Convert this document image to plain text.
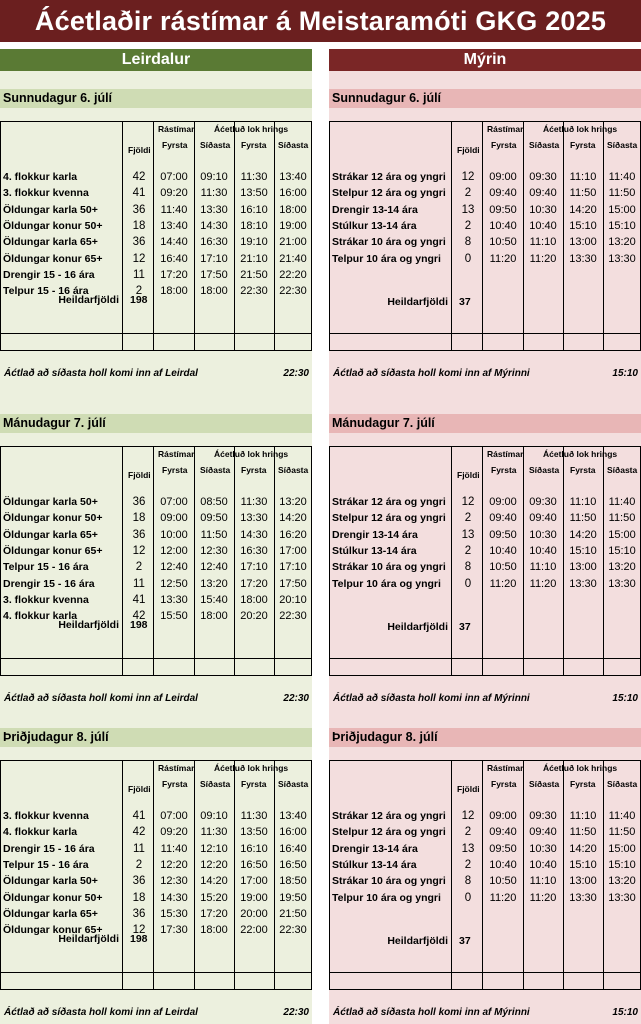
Áćetlaðir rástímar á Meistaramóti GKG 2025
Leirdalur
Sunnudagur 6. júlí
Rástímar Áćetluð lok hrings
Fjöldi Fyrsta Síðasta Fyrsta Síðasta
4. flokkur karla	42	07:00	09:10	11:30	13:40
3. flokkur kvenna	41	09:20	11:30	13:50	16:00
Öldungar karla 50+	36	11:40	13:30	16:10	18:00
Öldungar konur 50+	18	13:40	14:30	18:10	19:00
Öldungar karla 65+	36	14:40	16:30	19:10	21:00
Öldungar konur 65+	12	16:40	17:10	21:10	21:40
Drengir 15 - 16 ára	11	17:20	17:50	21:50	22:20
Telpur 15 - 16 ára	2	18:00	18:00	22:30	22:30
Heildarfjöldi 198
Áćtlað að síðasta holl komi inn af Leirdal	22:30
Mánudagur 7. júlí
Rástímar Áćetluð lok hrings
Fjöldi Fyrsta Síðasta Fyrsta Síðasta
Öldungar karla 50+	36	07:00	08:50	11:30	13:20
Öldungar konur 50+	18	09:00	09:50	13:30	14:20
Öldungar karla 65+	36	10:00	11:50	14:30	16:20
Öldungar konur 65+	12	12:00	12:30	16:30	17:00
Telpur 15 - 16 ára	2	12:40	12:40	17:10	17:10
Drengir 15 - 16 ára	11	12:50	13:20	17:20	17:50
3. flokkur kvenna	41	13:30	15:40	18:00	20:10
4. flokkur karla	42	15:50	18:00	20:20	22:30
Heildarfjöldi 198
Áćtlað að síðasta holl komi inn af Leirdal	22:30
Þriðjudagur 8. júlí
Rástímar Áćetluð lok hrings
Fjöldi Fyrsta Síðasta Fyrsta Síðasta
3. flokkur kvenna	41	07:00	09:10	11:30	13:40
4. flokkur karla	42	09:20	11:30	13:50	16:00
Drengir 15 - 16 ára	11	11:40	12:10	16:10	16:40
Telpur 15 - 16 ára	2	12:20	12:20	16:50	16:50
Öldungar karla 50+	36	12:30	14:20	17:00	18:50
Öldungar konur 50+	18	14:30	15:20	19:00	19:50
Öldungar karla 65+	36	15:30	17:20	20:00	21:50
Öldungar konur 65+	12	17:30	18:00	22:00	22:30
Heildarfjöldi 198
Áćtlað að síðasta holl komi inn af Leirdal	22:30
Mýrin
Sunnudagur 6. júlí
Rástímar Áćetluð lok hrings
Fjöldi Fyrsta Síðasta Fyrsta Síðasta
Strákar 12 ára og yngri	12	09:00	09:30	11:10	11:40
Stelpur 12 ára og yngri	2	09:40	09:40	11:50	11:50
Drengir 13-14 ára	13	09:50	10:30	14:20	15:00
Stúlkur 13-14 ára	2	10:40	10:40	15:10	15:10
Strákar 10 ára og yngri	8	10:50	11:10	13:00	13:20
Telpur 10 ára og yngri	0	11:20	11:20	13:30	13:30
Heildarfjöldi 37
Áćtlað að síðasta holl komi inn af Mýrinni	15:10
Mánudagur 7. júlí
Rástímar Áćetluð lok hrings
Fjöldi Fyrsta Síðasta Fyrsta Síðasta
Strákar 12 ára og yngri	12	09:00	09:30	11:10	11:40
Stelpur 12 ára og yngri	2	09:40	09:40	11:50	11:50
Drengir 13-14 ára	13	09:50	10:30	14:20	15:00
Stúlkur 13-14 ára	2	10:40	10:40	15:10	15:10
Strákar 10 ára og yngri	8	10:50	11:10	13:00	13:20
Telpur 10 ára og yngri	0	11:20	11:20	13:30	13:30
Heildarfjöldi 37
Áćtlað að síðasta holl komi inn af Mýrinni	15:10
Þriðjudagur 8. júlí
Rástímar Áćetluð lok hrings
Fjöldi Fyrsta Síðasta Fyrsta Síðasta
Strákar 12 ára og yngri	12	09:00	09:30	11:10	11:40
Stelpur 12 ára og yngri	2	09:40	09:40	11:50	11:50
Drengir 13-14 ára	13	09:50	10:30	14:20	15:00
Stúlkur 13-14 ára	2	10:40	10:40	15:10	15:10
Strákar 10 ára og yngri	8	10:50	11:10	13:00	13:20
Telpur 10 ára og yngri	0	11:20	11:20	13:30	13:30
Heildarfjöldi 37
Áćtlað að síðasta holl komi inn af Mýrinni	15:10
